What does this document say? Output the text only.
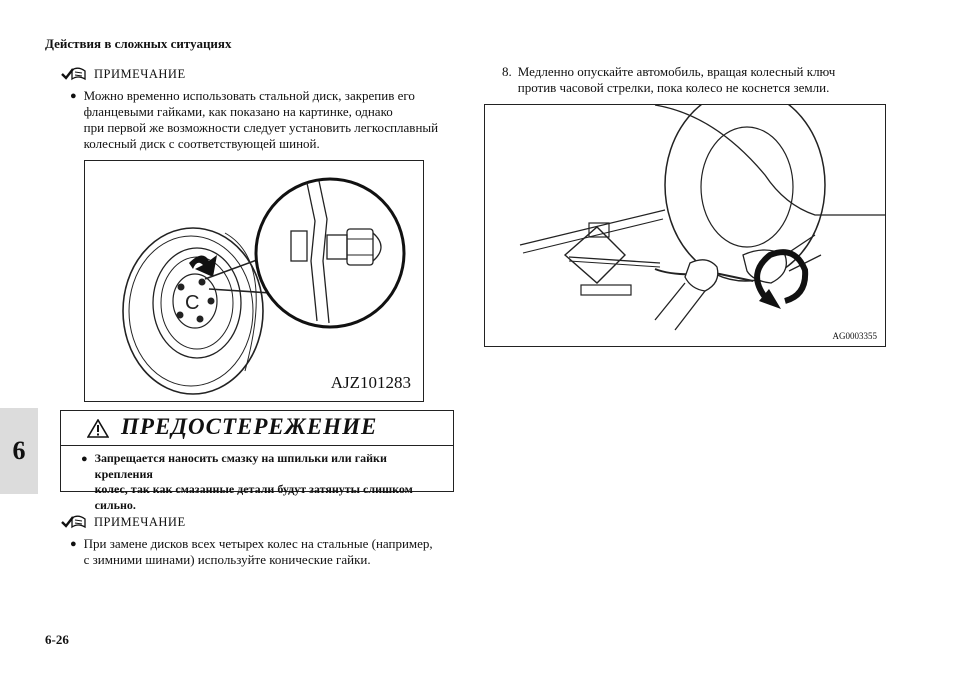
Действия в сложных ситуациях
6
ПРИМЕЧАНИЕ
● Можно временно использовать стальной диск, закрепив его
фланцевыми гайками, как показано на картинке, однако
при первой же возможности следует установить легкосплавный
колесный диск с соответствующей шиной.
C
AJZ101283
ПРЕДОСТЕРЕЖЕНИЕ
● Запрещается наносить смазку на шпильки или гайки крепления
колес, так как смазанные детали будут затянуты слишком
сильно.
ПРИМЕЧАНИЕ
● При замене дисков всех четырех колес на стальные (например,
с зимними шинами) используйте конические гайки.
8. Медленно опускайте автомобиль, вращая колесный ключ
против часовой стрелки, пока колесо не коснется земли.
AG0003355
6-26
